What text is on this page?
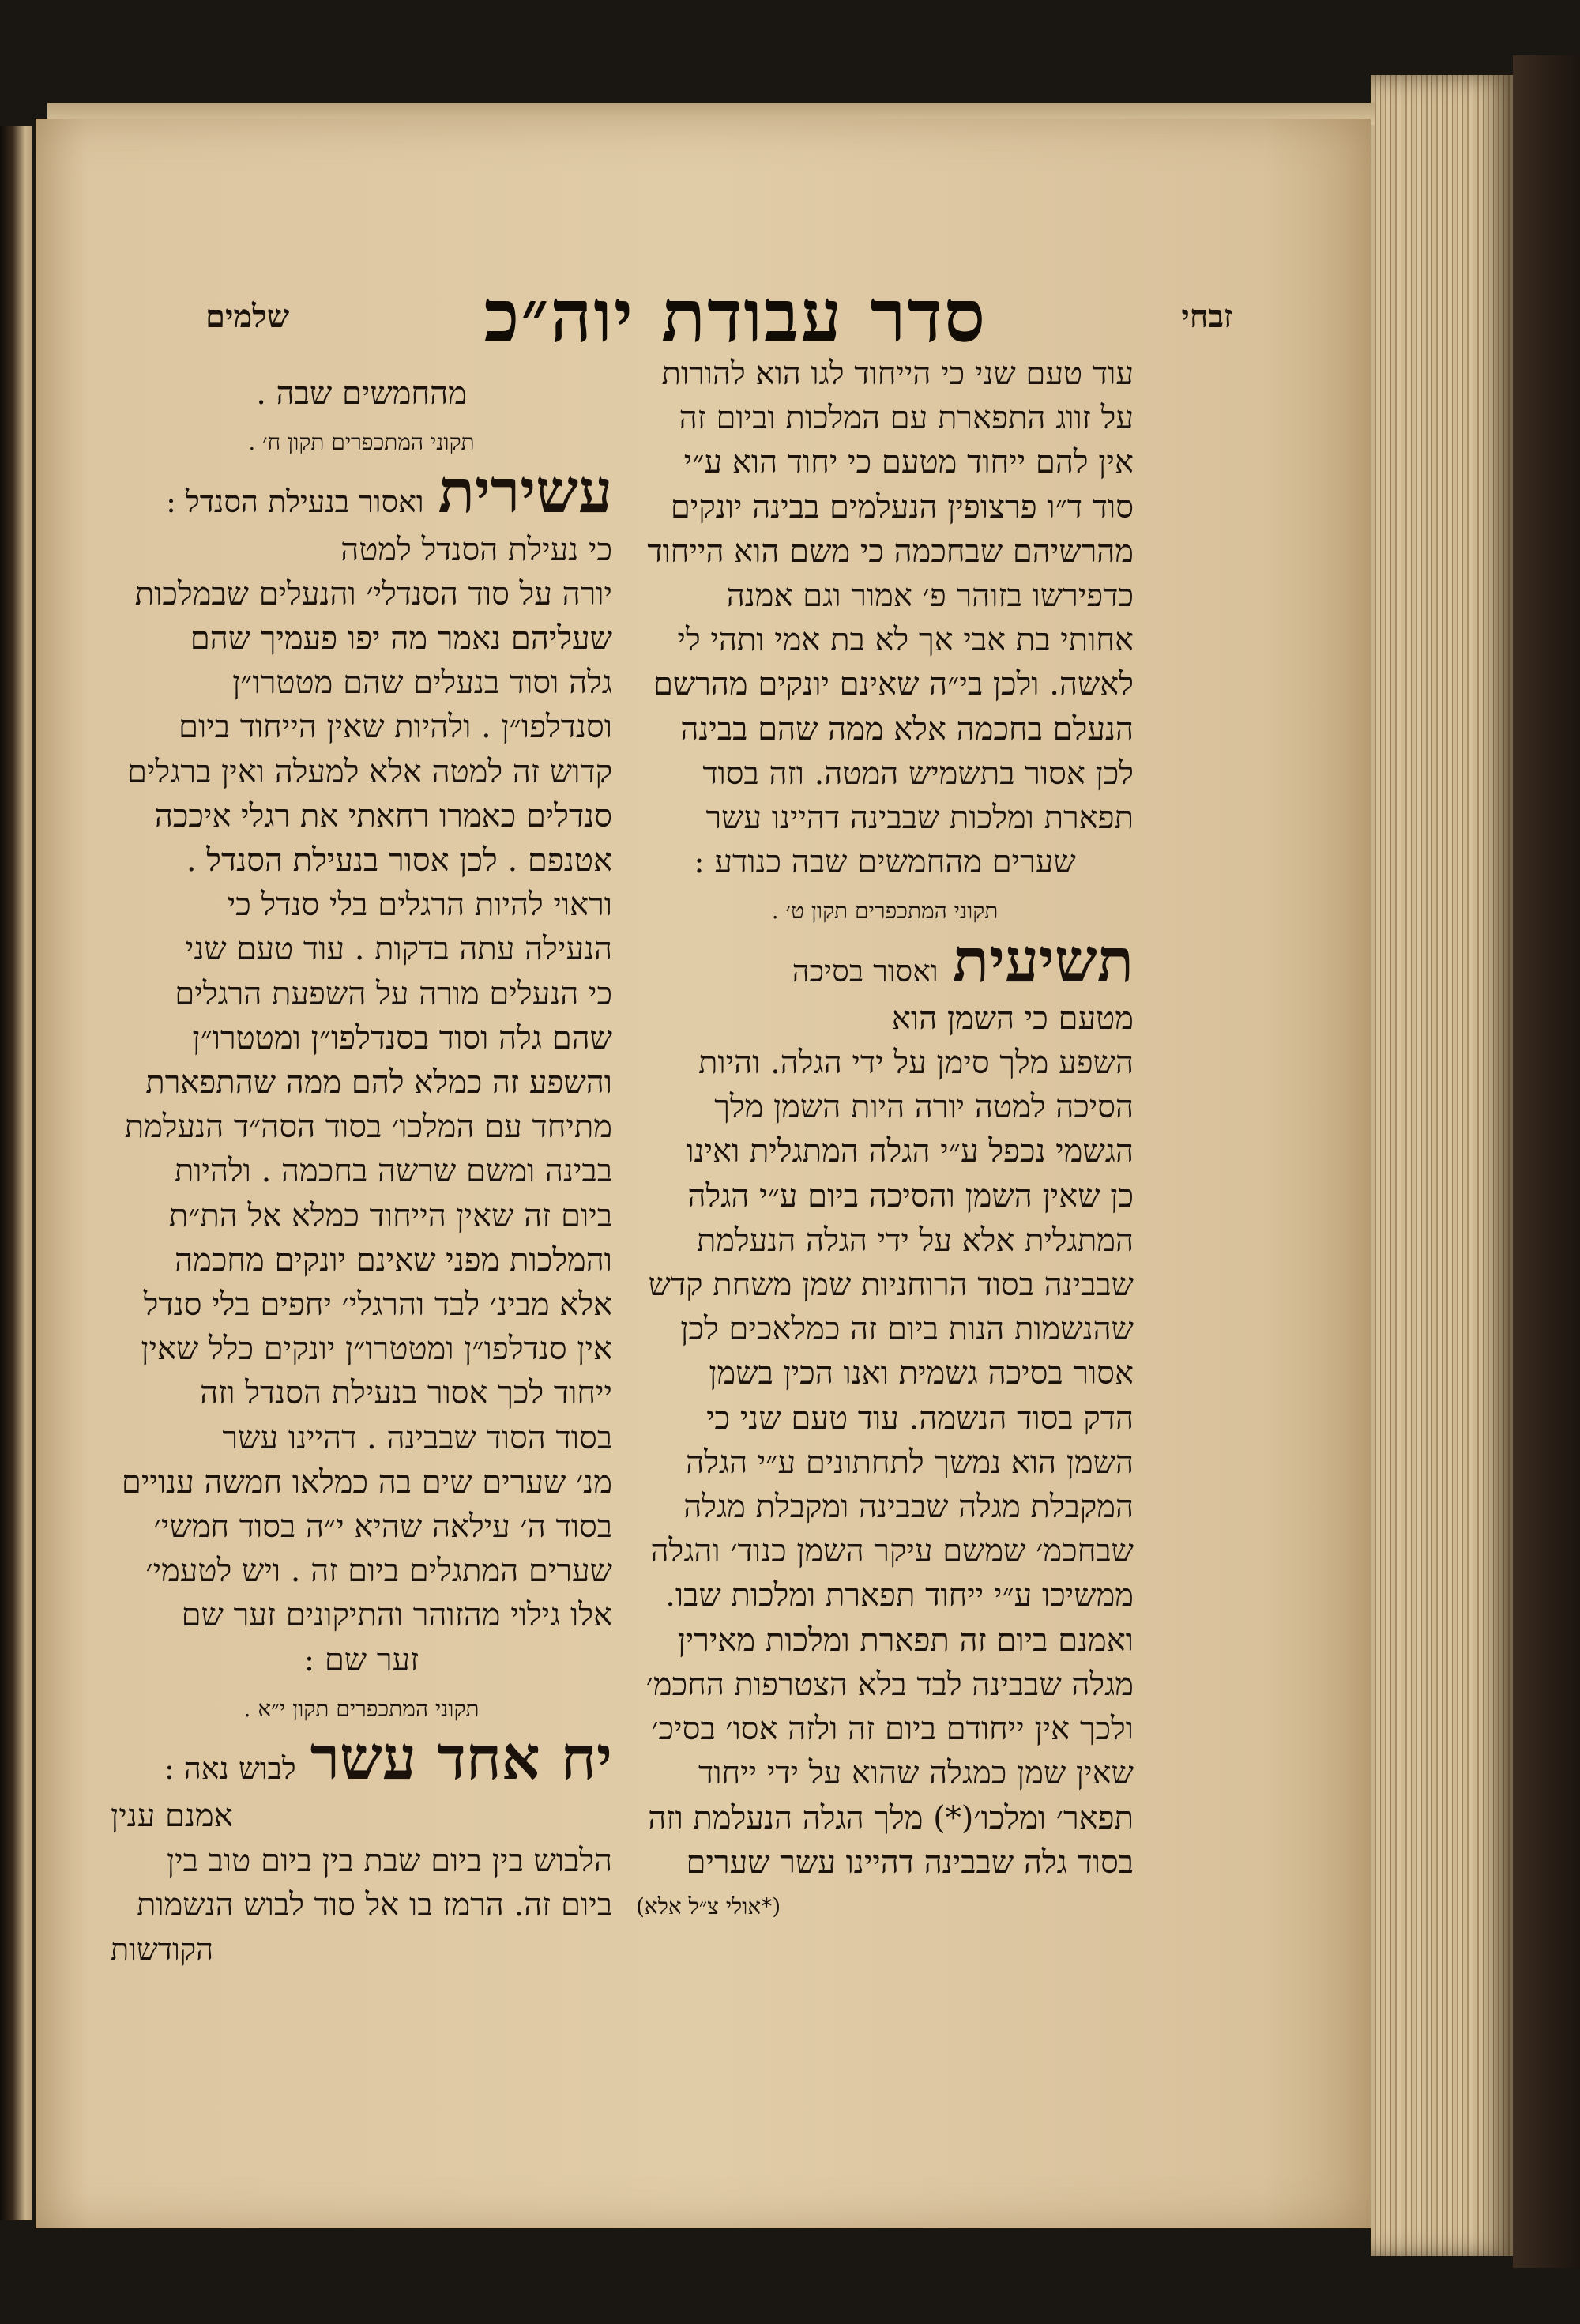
זבחי
סדר עבודת יוה״כ
שלמים
עוד טעם שני כי הייחוד לגו הוא להורות
על זווג התפארת עם המלכות וביום זה
אין להם ייחוד מטעם כי יחוד הוא ע״י
סוד ד״ו פרצופין הנעלמים בבינה יונקים
מהרשיהם שבחכמה כי משם הוא הייחוד
כדפירשו בזוהר פ׳ אמור וגם אמנה
אחותי בת אבי אך לא בת אמי ותהי לי
לאשה. ולכן בי״ה שאינם יונקים מהרשם
הנעלם בחכמה אלא ממה שהם בבינה
לכן אסור בתשמיש המטה. וזה בסוד
תפארת ומלכות שבבינה דהיינו עשר
שערים מהחמשים שבה כנודע :
תקוני המתכפרים תקון ט׳ .
תשיעית
ואסור בסיכה
מטעם כי השמן הוא
השפע מלך סימן על ידי הגלה. והיות
הסיכה למטה יורה היות השמן מלך
הגשמי נכפל ע״י הגלה המתגלית ואינו
כן שאין השמן והסיכה ביום ע״י הגלה
המתגלית אלא על ידי הגלה הנעלמת
שבבינה בסוד הרוחניות שמן משחת קדש
שהנשמות הנות ביום זה כמלאכים לכן
אסור בסיכה גשמית ואנו הכין בשמן
הדק בסוד הנשמה. עוד טעם שני כי
השמן הוא נמשך לתחתונים ע״י הגלה
המקבלת מגלה שבבינה ומקבלת מגלה
שבחכמ׳ שמשם עיקר השמן כנוד׳ והגלה
ממשיכו ע״י ייחוד תפארת ומלכות שבו.
ואמנם ביום זה תפארת ומלכות מאירין
מגלה שבבינה לבד בלא הצטרפות החכמ׳
ולכך אין ייחודם ביום זה ולזה אסו׳ בסיכ׳
שאין שמן כמגלה שהוא על ידי ייחוד
תפאר׳ ומלכו׳(*) מלך הגלה הנעלמת וזה
בסוד גלה שבבינה דהיינו עשר שערים
(*אולי צ״ל אלא)
מהחמשים שבה .
תקוני המתכפרים תקון ח׳ .
עשירית
ואסור בנעילת הסנדל :
כי נעילת הסנדל למטה
יורה על סוד הסנדלי׳ והנעלים שבמלכות
שעליהם נאמר מה יפו פעמיך שהם
גלה וסוד בנעלים שהם מטטרו״ן
וסנדלפו״ן . ולהיות שאין הייחוד ביום
קדוש זה למטה אלא למעלה ואין ברגלים
סנדלים כאמרו רחאתי את רגלי איככה
אטנפם . לכן אסור בנעילת הסנדל .
וראוי להיות הרגלים בלי סנדל כי
הנעילה עתה בדקות . עוד טעם שני
כי הנעלים מורה על השפעת הרגלים
שהם גלה וסוד בסנדלפו״ן ומטטרו״ן
והשפע זה כמלא להם ממה שהתפארת
מתיחד עם המלכו׳ בסוד הסה״ד הנעלמת
בבינה ומשם שרשה בחכמה . ולהיות
ביום זה שאין הייחוד כמלא אל הת״ת
והמלכות מפני שאינם יונקים מחכמה
אלא מבינ׳ לבד והרגלי׳ יחפים בלי סנדל
אין סנדלפו״ן ומטטרו״ן יונקים כלל שאין
ייחוד לכך אסור בנעילת הסנדל וזה
בסוד הסוד שבבינה . דהיינו עשר
מנ׳ שערים שים בה כמלאו חמשה ענויים
בסוד ה׳ עילאה שהיא י״ה בסוד חמשי׳
שערים המתגלים ביום זה . ויש לטעמי׳
אלו גילוי מהזוהר והתיקונים זער שם
זער שם :
תקוני המתכפרים תקון י״א .
יח אחד עשר
לבוש נאה :
אמנם ענין
הלבוש בין ביום שבת בין ביום טוב בין
ביום זה. הרמז בו אל סוד לבוש הנשמות
הקודשות
